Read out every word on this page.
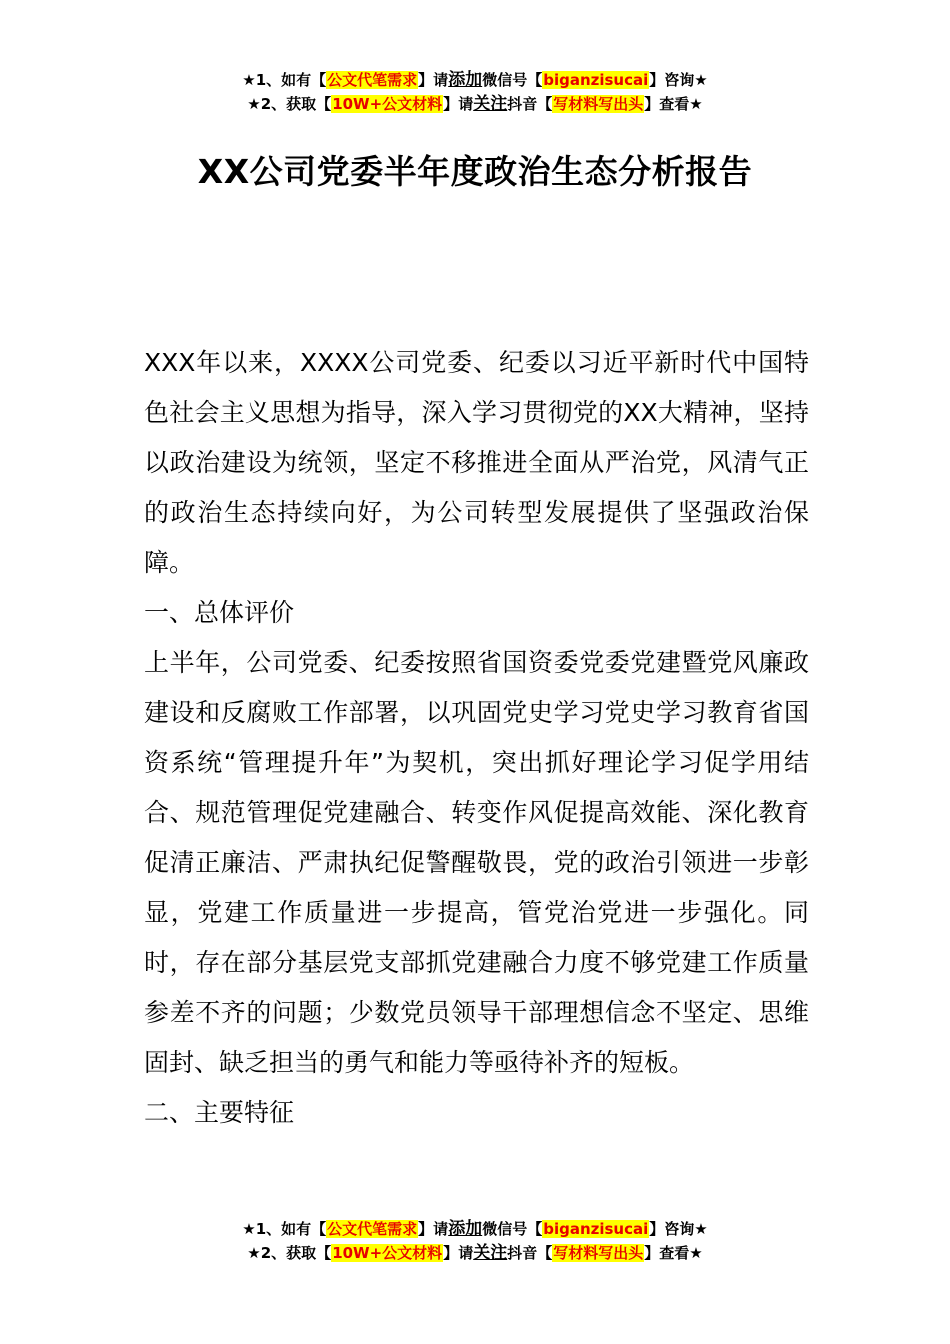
★1、如有【公文代笔需求】请添加微信号【biganzisucai】咨询★
★2、获取【10W+公文材料】请关注抖音【写材料写出头】查看★
XX公司党委半年度政治生态分析报告

XXX年以来，XXXX公司党委、纪委以习近平新时代中国特色社会主义思想为指导，深入学习贯彻党的XX大精神，坚持以政治建设为统领，坚定不移推进全面从严治党，风清气正的政治生态持续向好，为公司转型发展提供了坚强政治保障。

一、总体评价

上半年，公司党委、纪委按照省国资委党委党建暨党风廉政建设和反腐败工作部署，以巩固党史学习党史学习教育省国资系统“管理提升年”为契机，突出抓好理论学习促学用结合、规范管理促党建融合、转变作风促提高效能、深化教育促清正廉洁、严肃执纪促警醒敬畏，党的政治引领进一步彰显，党建工作质量进一步提高，管党治党进一步强化。同时，存在部分基层党支部抓党建融合力度不够党建工作质量参差不齐的问题；少数党员领导干部理想信念不坚定、思维固封、缺乏担当的勇气和能力等亟待补齐的短板。

二、主要特征

★1、如有【公文代笔需求】请添加微信号【biganzisucai】咨询★
★2、获取【10W+公文材料】请关注抖音【写材料写出头】查看★
